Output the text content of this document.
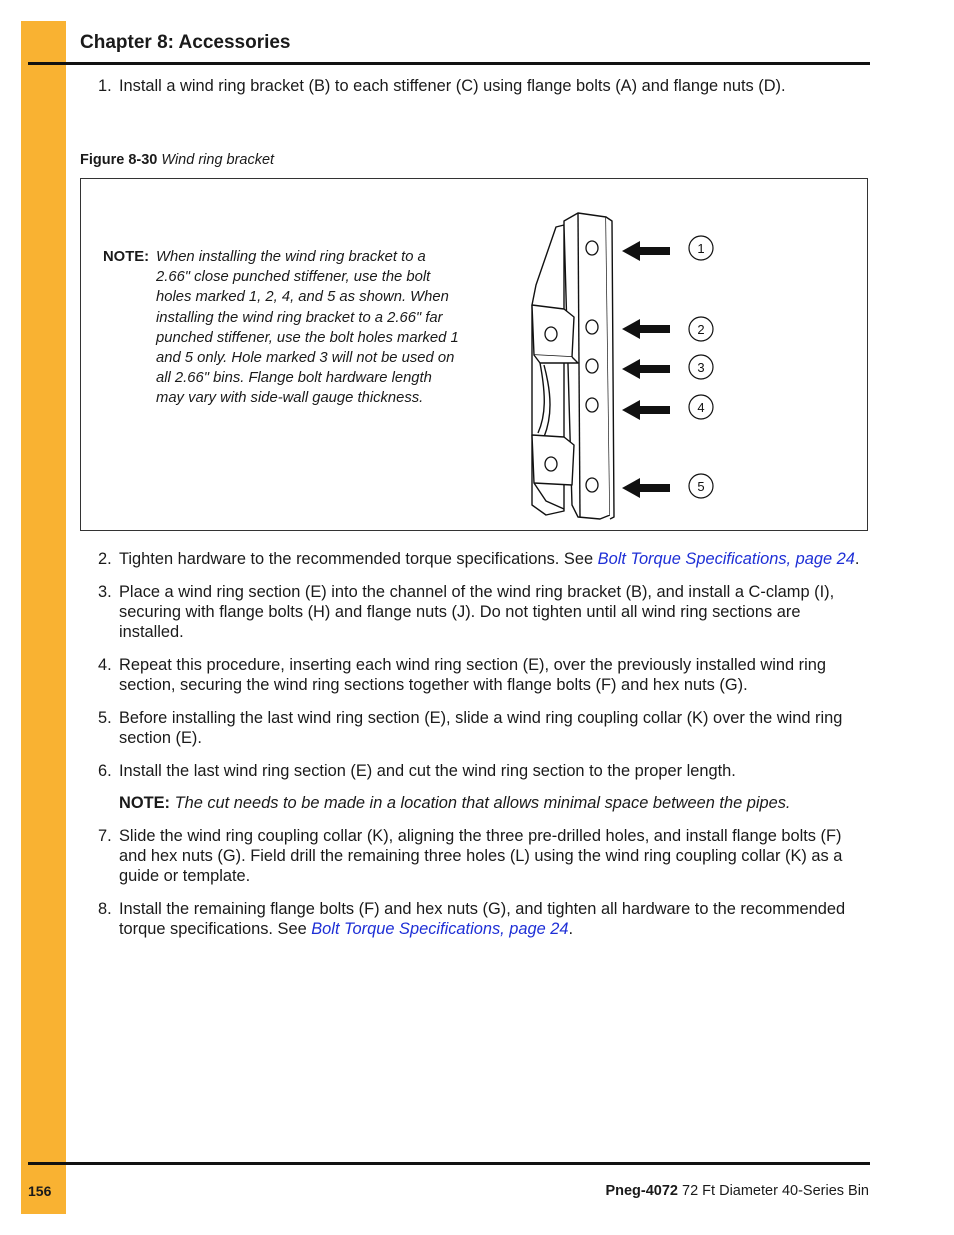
Chapter 8: Accessories
1. Install a wind ring bracket (B) to each stiffener (C) using flange bolts (A) and flange nuts (D).
Figure 8-30 Wind ring bracket
NOTE: When installing the wind ring bracket to a 2.66" close punched stiffener, use the bolt holes marked 1, 2, 4, and 5 as shown. When installing the wind ring bracket to a 2.66" far punched stiffener, use the bolt holes marked 1 and 5 only. Hole marked 3 will not be used on all 2.66" bins. Flange bolt hardware length may vary with side-wall gauge thickness.
1
2
3
4
5
2. Tighten hardware to the recommended torque specifications. See Bolt Torque Specifications, page 24.
3. Place a wind ring section (E) into the channel of the wind ring bracket (B), and install a C-clamp (I), securing with flange bolts (H) and flange nuts (J). Do not tighten until all wind ring sections are installed.
4. Repeat this procedure, inserting each wind ring section (E), over the previously installed wind ring section, securing the wind ring sections together with flange bolts (F) and hex nuts (G).
5. Before installing the last wind ring section (E), slide a wind ring coupling collar (K) over the wind ring section (E).
6. Install the last wind ring section (E) and cut the wind ring section to the proper length.
NOTE: The cut needs to be made in a location that allows minimal space between the pipes.
7. Slide the wind ring coupling collar (K), aligning the three pre-drilled holes, and install flange bolts (F) and hex nuts (G). Field drill the remaining three holes (L) using the wind ring coupling collar (K) as a guide or template.
8. Install the remaining flange bolts (F) and hex nuts (G), and tighten all hardware to the recommended torque specifications. See Bolt Torque Specifications, page 24.
156	Pneg-4072 72 Ft Diameter 40-Series Bin
